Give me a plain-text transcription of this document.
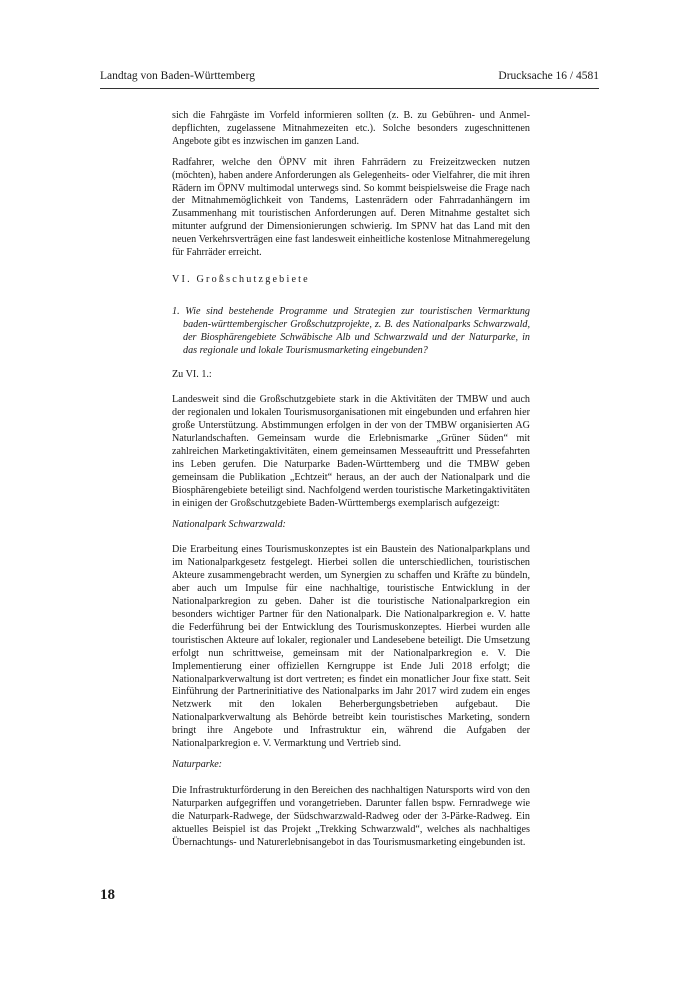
Landtag von Baden-Württemberg	Drucksache 16 / 4581

sich die Fahrgäste im Vorfeld informieren sollten (z. B. zu Gebühren- und Anmeldepflichten, zugelassene Mitnahmezeiten etc.). Solche besonders zugeschnittenen Angebote gibt es inzwischen im ganzen Land.

Radfahrer, welche den ÖPNV mit ihren Fahrrädern zu Freizeitzwecken nutzen (möchten), haben andere Anforderungen als Gelegenheits- oder Vielfahrer, die mit ihren Rädern im ÖPNV multimodal unterwegs sind. So kommt beispielsweise die Frage nach der Mitnahmemöglichkeit von Tandems, Lastenrädern oder Fahrradanhängern im Zusammenhang mit touristischen Anforderungen auf. Deren Mitnahme gestaltet sich mitunter aufgrund der Dimensionierungen schwierig. Im SPNV hat das Land mit den neuen Verkehrsverträgen eine fast landesweit einheitliche kostenlose Mitnahmeregelung für Fahrräder erreicht.

VI. Großschutzgebiete

1. Wie sind bestehende Programme und Strategien zur touristischen Vermarktung baden-württembergischer Großschutzprojekte, z. B. des Nationalparks Schwarzwald, der Biosphärengebiete Schwäbische Alb und Schwarzwald und der Naturparke, in das regionale und lokale Tourismusmarketing eingebunden?

Zu VI. 1.:

Landesweit sind die Großschutzgebiete stark in die Aktivitäten der TMBW und auch der regionalen und lokalen Tourismusorganisationen mit eingebunden und erfahren hier große Unterstützung. Abstimmungen erfolgen in der von der TMBW organisierten AG Naturlandschaften. Gemeinsam wurde die Erlebnismarke „Grüner Süden“ mit zahlreichen Marketingaktivitäten, einem gemeinsamen Messeauftritt und Pressefahrten ins Leben gerufen. Die Naturparke Baden-Württemberg und die TMBW geben gemeinsam die Publikation „Echtzeit“ heraus, an der auch der Nationalpark und die Biosphärengebiete beteiligt sind. Nachfolgend werden touristische Marketingaktivitäten in einigen der Großschutzgebiete Baden-Württembergs exemplarisch aufgezeigt:

Nationalpark Schwarzwald:

Die Erarbeitung eines Tourismuskonzeptes ist ein Baustein des Nationalparkplans und im Nationalparkgesetz festgelegt. Hierbei sollen die unterschiedlichen, touristischen Akteure zusammengebracht werden, um Synergien zu schaffen und Kräfte zu bündeln, aber auch um Impulse für eine nachhaltige, touristische Entwicklung in der Nationalparkregion zu geben. Daher ist die touristische Nationalparkregion ein besonders wichtiger Partner für den Nationalpark. Die Nationalparkregion e. V. hatte die Federführung bei der Entwicklung des Tourismuskonzeptes. Hierbei wurden alle touristischen Akteure auf lokaler, regionaler und Landesebene beteiligt. Die Umsetzung erfolgt nun schrittweise, gemeinsam mit der Nationalparkregion e. V. Die Implementierung einer offiziellen Kerngruppe ist Ende Juli 2018 erfolgt; die Nationalparkverwaltung ist dort vertreten; es findet ein monatlicher Jour fixe statt. Seit Einführung der Partnerinitiative des Nationalparks im Jahr 2017 wird zudem ein enges Netzwerk mit den lokalen Beherbergungsbetrieben aufgebaut. Die Nationalparkverwaltung als Behörde betreibt kein touristisches Marketing, sondern bringt ihre Angebote und Infrastruktur ein, während die Aufgaben der Nationalparkregion e. V. Vermarktung und Vertrieb sind.

Naturparke:

Die Infrastrukturförderung in den Bereichen des nachhaltigen Natursports wird von den Naturparken aufgegriffen und vorangetrieben. Darunter fallen bspw. Fernradwege wie die Naturpark-Radwege, der Südschwarzwald-Radweg oder der 3-Pärke-Radweg. Ein aktuelles Beispiel ist das Projekt „Trekking Schwarzwald“, welches als nachhaltiges Übernachtungs- und Naturerlebnisangebot in das Tourismusmarketing eingebunden ist.

18
